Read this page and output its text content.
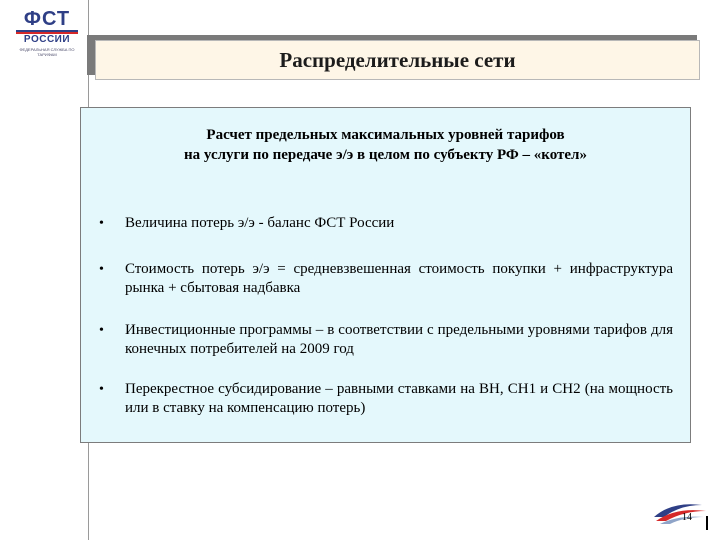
ФСТ
РОССИИ
ФЕДЕРАЛЬНАЯ СЛУЖБА ПО ТАРИФАМ	Распределительные сети
Расчет предельных максимальных уровней тарифов
на услуги по передаче э/э в целом по субъекту РФ – «котел»
• Величина потерь э/э - баланс ФСТ России
• Стоимость потерь э/э = средневзвешенная стоимость покупки + инфраструктура рынка + сбытовая надбавка
• Инвестиционные программы – в соответствии с предельными уровнями тарифов для конечных потребителей на 2009 год
• Перекрестное субсидирование – равными ставками на ВН, СН1 и СН2 (на мощность или в ставку на компенсацию потерь)
14
